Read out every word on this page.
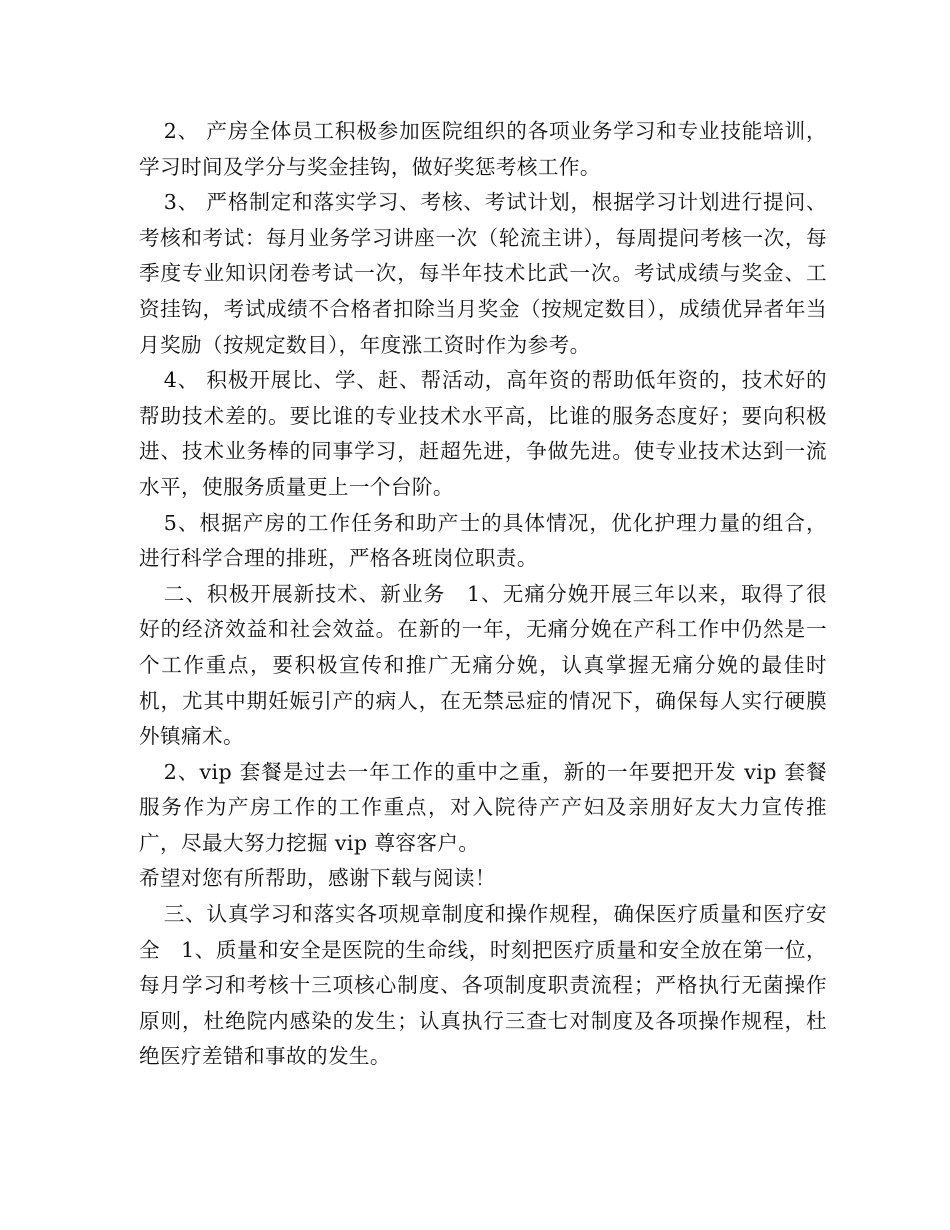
2、 产房全体员工积极参加医院组织的各项业务学习和专业技能培训，学习时间及学分与奖金挂钩，做好奖惩考核工作。

3、 严格制定和落实学习、考核、考试计划，根据学习计划进行提问、考核和考试：每月业务学习讲座一次（轮流主讲），每周提问考核一次，每季度专业知识闭卷考试一次，每半年技术比武一次。考试成绩与奖金、工资挂钩，考试成绩不合格者扣除当月奖金（按规定数目），成绩优异者年当月奖励（按规定数目），年度涨工资时作为参考。

4、 积极开展比、学、赶、帮活动，高年资的帮助低年资的，技术好的帮助技术差的。要比谁的专业技术水平高，比谁的服务态度好；要向积极进、技术业务棒的同事学习，赶超先进，争做先进。使专业技术达到一流水平，使服务质量更上一个台阶。

5、根据产房的工作任务和助产士的具体情况，优化护理力量的组合，进行科学合理的排班，严格各班岗位职责。

二、积极开展新技术、新业务　1、无痛分娩开展三年以来，取得了很好的经济效益和社会效益。在新的一年，无痛分娩在产科工作中仍然是一个工作重点，要积极宣传和推广无痛分娩，认真掌握无痛分娩的最佳时机，尤其中期妊娠引产的病人，在无禁忌症的情况下，确保每人实行硬膜外镇痛术。

2、vip 套餐是过去一年工作的重中之重，新的一年要把开发 vip 套餐服务作为产房工作的工作重点，对入院待产产妇及亲朋好友大力宣传推广，尽最大努力挖掘 vip 尊容客户。

希望对您有所帮助，感谢下载与阅读！

三、认真学习和落实各项规章制度和操作规程，确保医疗质量和医疗安全　1、质量和安全是医院的生命线，时刻把医疗质量和安全放在第一位，每月学习和考核十三项核心制度、各项制度职责流程；严格执行无菌操作原则，杜绝院内感染的发生；认真执行三查七对制度及各项操作规程，杜绝医疗差错和事故的发生。
